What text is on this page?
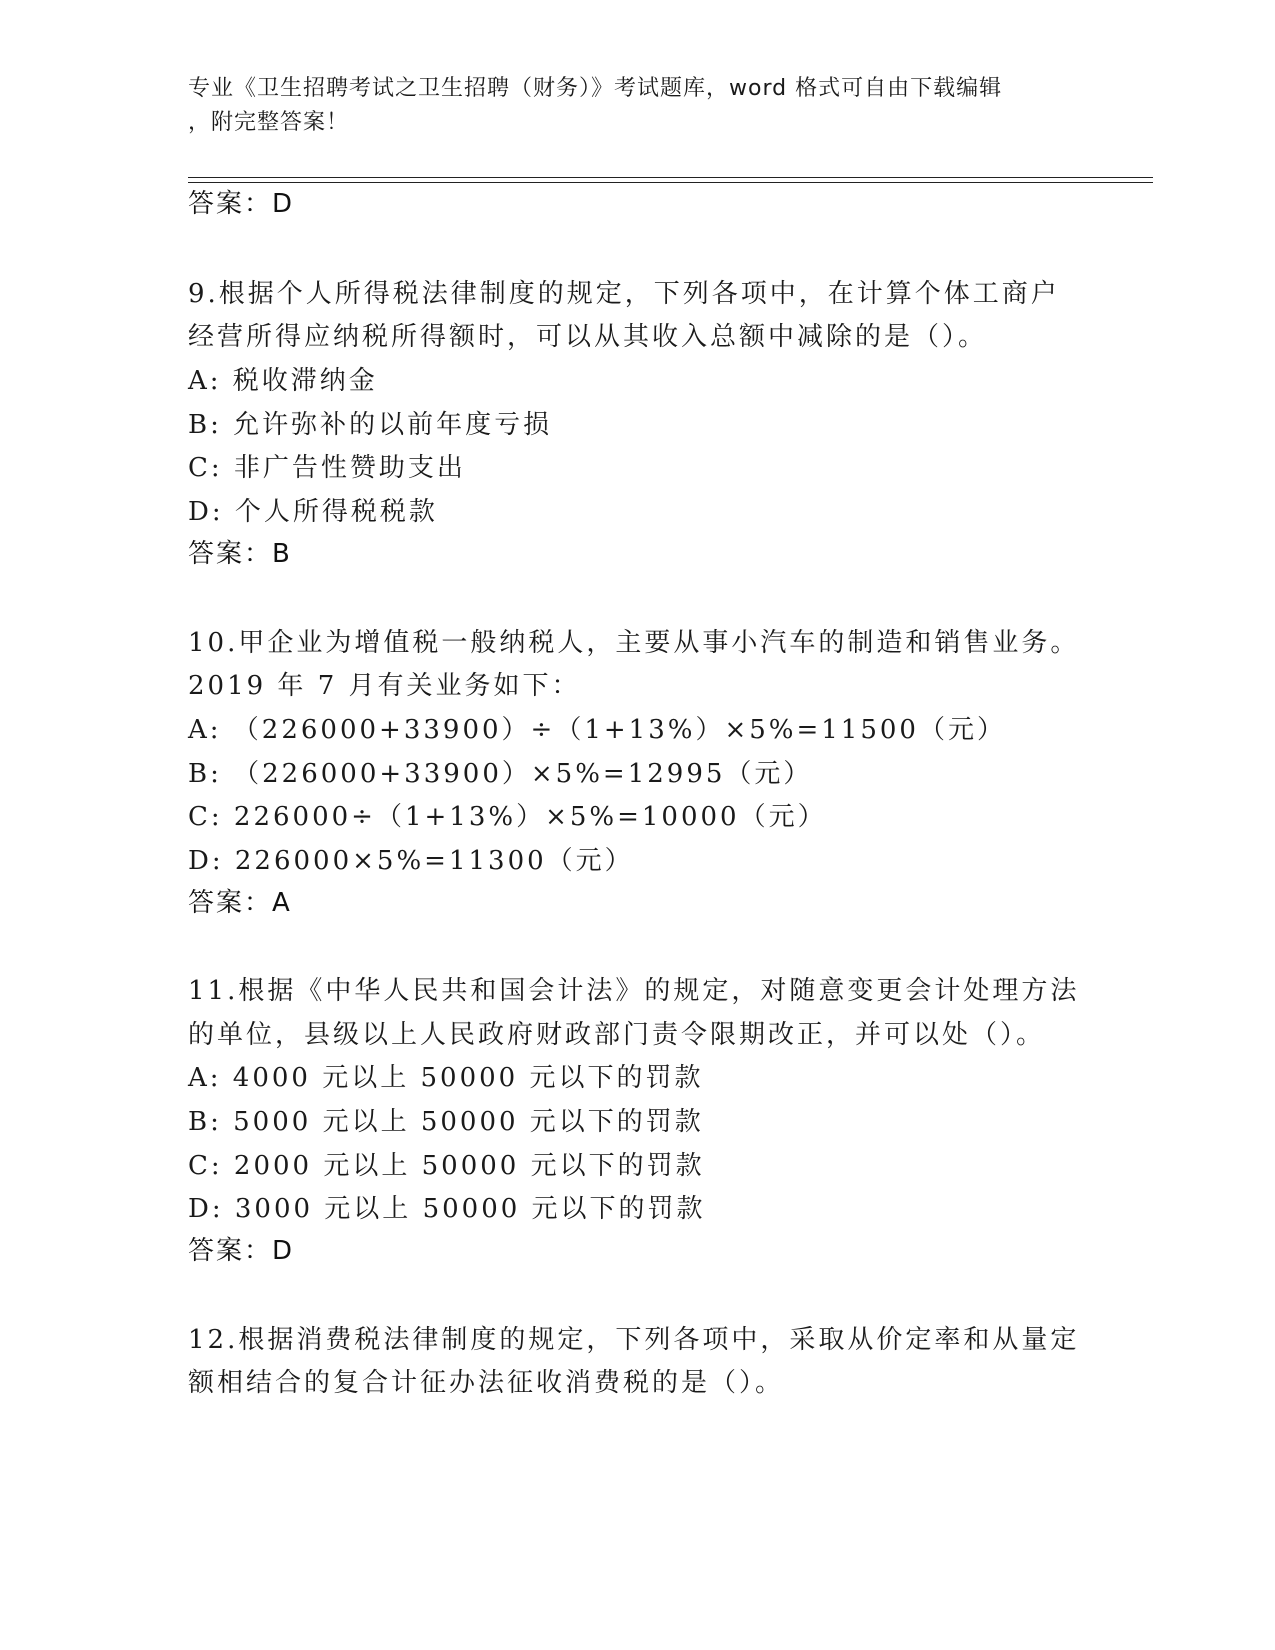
专业《卫生招聘考试之卫生招聘（财务）》考试题库，word 格式可自由下载编辑
，附完整答案！
答案：D
9.根据个人所得税法律制度的规定，下列各项中，在计算个体工商户
经营所得应纳税所得额时，可以从其收入总额中减除的是（）。
A: 税收滞纳金
B: 允许弥补的以前年度亏损
C: 非广告性赞助支出
D: 个人所得税税款
答案：B
10.甲企业为增值税一般纳税人，主要从事小汽车的制造和销售业务。
2019 年 7 月有关业务如下：
A: （226000+33900）÷（1+13%）×5%=11500（元）
B: （226000+33900）×5%=12995（元）
C: 226000÷（1+13%）×5%=10000（元）
D: 226000×5%=11300（元）
答案：A
11.根据《中华人民共和国会计法》的规定，对随意变更会计处理方法
的单位，县级以上人民政府财政部门责令限期改正，并可以处（）。
A: 4000 元以上 50000 元以下的罚款
B: 5000 元以上 50000 元以下的罚款
C: 2000 元以上 50000 元以下的罚款
D: 3000 元以上 50000 元以下的罚款
答案：D
12.根据消费税法律制度的规定，下列各项中，采取从价定率和从量定
额相结合的复合计征办法征收消费税的是（）。
